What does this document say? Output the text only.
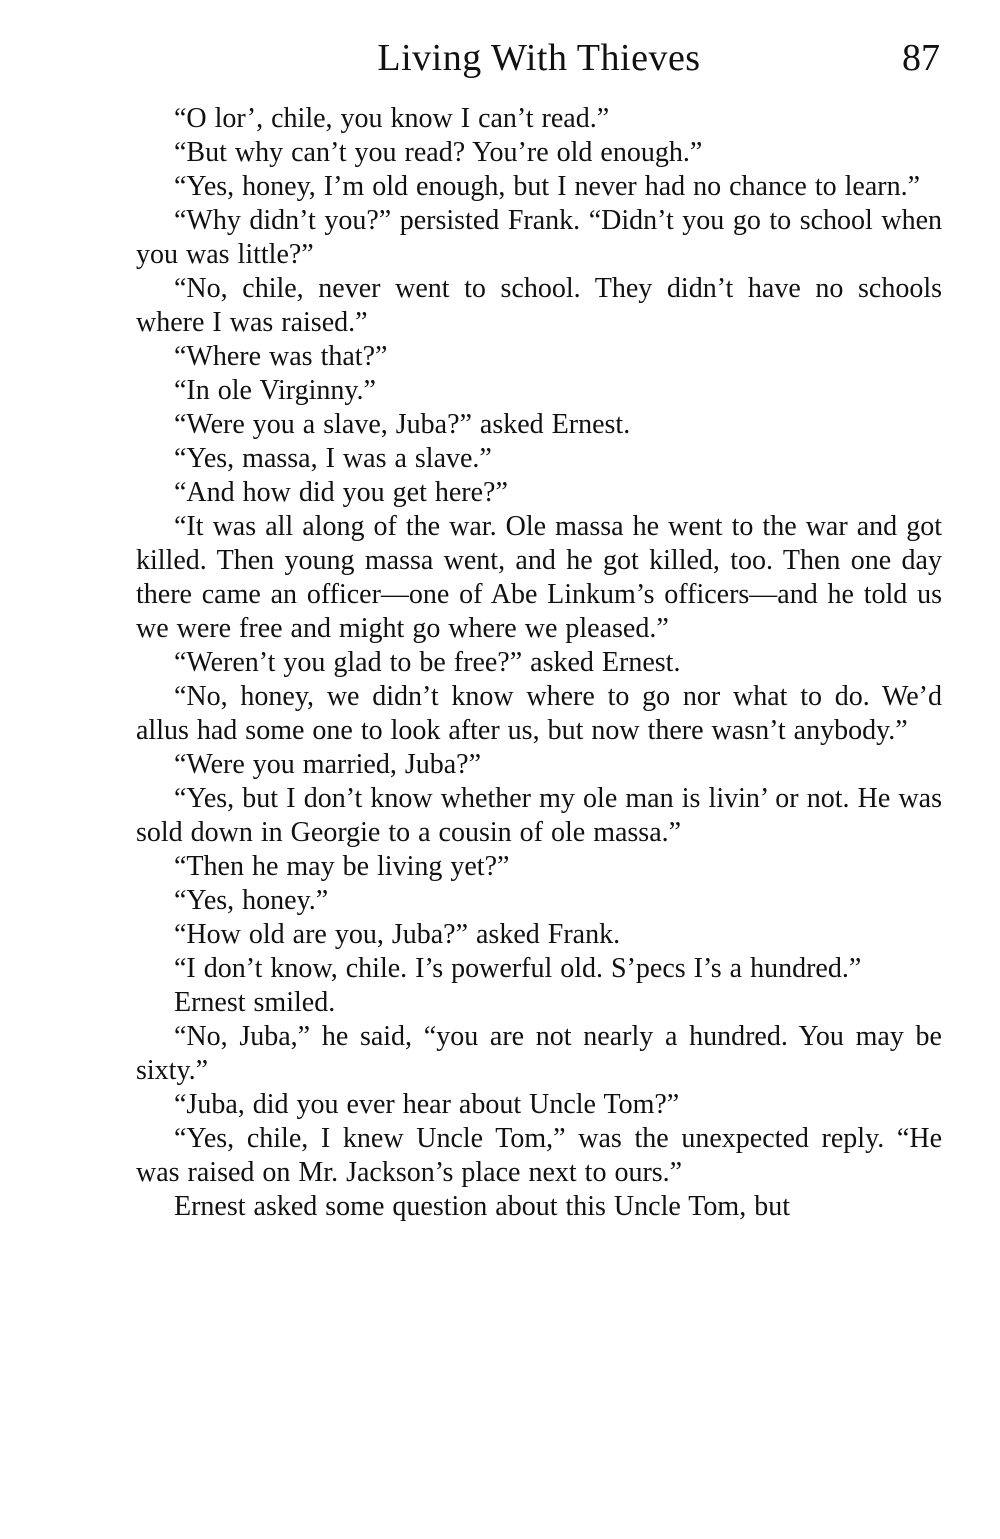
Living With Thieves	87

“O lor’, chile, you know I can’t read.”

“But why can’t you read? You’re old enough.”

“Yes, honey, I’m old enough, but I never had no chance to learn.”

“Why didn’t you?” persisted Frank. “Didn’t you go to school when you was little?”

“No, chile, never went to school. They didn’t have no schools where I was raised.”

“Where was that?”

“In ole Virginny.”

“Were you a slave, Juba?” asked Ernest.

“Yes, massa, I was a slave.”

“And how did you get here?”

“It was all along of the war. Ole massa he went to the war and got killed. Then young massa went, and he got killed, too. Then one day there came an officer—one of Abe Linkum’s officers—and he told us we were free and might go where we pleased.”

“Weren’t you glad to be free?” asked Ernest.

“No, honey, we didn’t know where to go nor what to do. We’d allus had some one to look after us, but now there wasn’t anybody.”

“Were you married, Juba?”

“Yes, but I don’t know whether my ole man is livin’ or not. He was sold down in Georgie to a cousin of ole massa.”

“Then he may be living yet?”

“Yes, honey.”

“How old are you, Juba?” asked Frank.

“I don’t know, chile. I’s powerful old. S’pecs I’s a hundred.”

Ernest smiled.

“No, Juba,” he said, “you are not nearly a hundred. You may be sixty.”

“Juba, did you ever hear about Uncle Tom?”

“Yes, chile, I knew Uncle Tom,” was the unexpected reply. “He was raised on Mr. Jackson’s place next to ours.”

Ernest asked some question about this Uncle Tom, but
